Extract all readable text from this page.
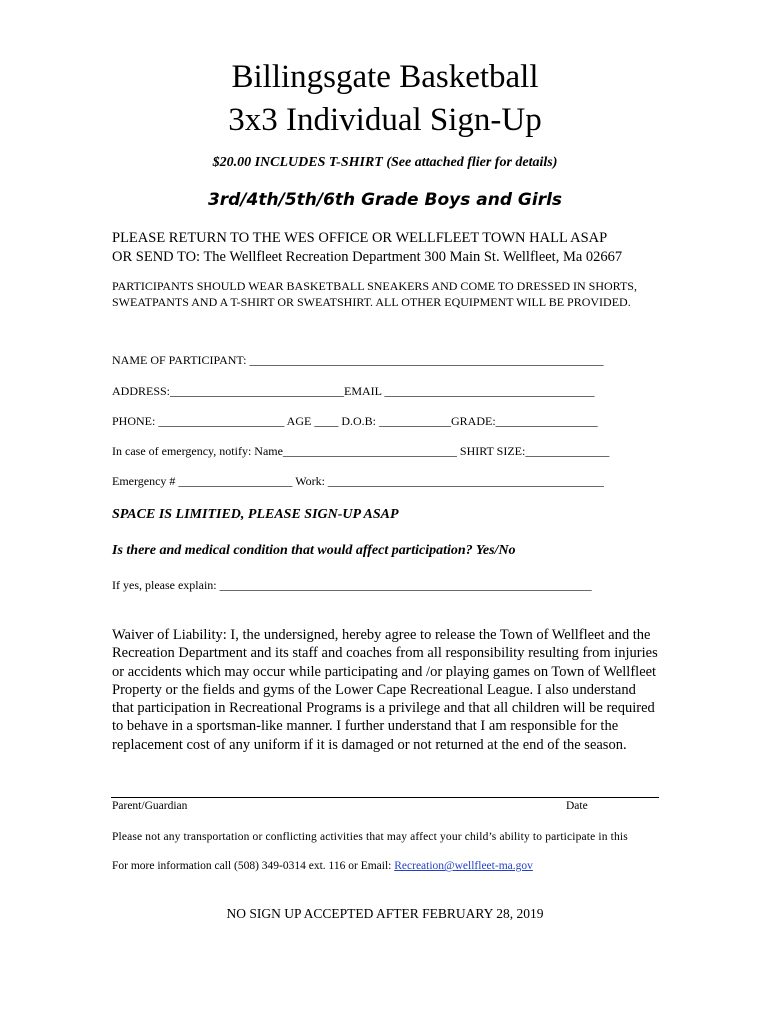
Billingsgate Basketball
3x3 Individual Sign-Up
$20.00 INCLUDES T-SHIRT (See attached flier for details)
3rd/4th/5th/6th Grade Boys and Girls
PLEASE RETURN TO THE WES OFFICE OR WELLFLEET TOWN HALL ASAP
OR SEND TO: The Wellfleet Recreation Department 300 Main St. Wellfleet, Ma 02667
PARTICIPANTS SHOULD WEAR BASKETBALL SNEAKERS AND COME TO DRESSED IN SHORTS, SWEATPANTS AND A T-SHIRT OR SWEATSHIRT. ALL OTHER EQUIPMENT WILL BE PROVIDED.
NAME OF PARTICIPANT: ___________________________________________________________
ADDRESS:_____________________________EMAIL ___________________________________
PHONE: _____________________ AGE ____ D.O.B: ____________GRADE:_________________
In case of emergency, notify: Name_____________________________ SHIRT SIZE:______________
Emergency # ___________________ Work: ______________________________________________
SPACE IS LIMITIED, PLEASE SIGN-UP ASAP
Is there and medical condition that would affect participation? Yes/No
If yes, please explain: ______________________________________________________________
Waiver of Liability: I, the undersigned, hereby agree to release the Town of Wellfleet and the Recreation Department and its staff and coaches from all responsibility resulting from injuries or accidents which may occur while participating and /or playing games on Town of Wellfleet Property or the fields and gyms of the Lower Cape Recreational League. I also understand that participation in Recreational Programs is a privilege and that all children will be required to behave in a sportsman-like manner. I further understand that I am responsible for the replacement cost of any uniform if it is damaged or not returned at the end of the season.
Parent/Guardian	Date
Please not any transportation or conflicting activities that may affect your child’s ability to participate in this
For more information call (508) 349-0314 ext. 116 or Email: Recreation@wellfleet-ma.gov
NO SIGN UP ACCEPTED AFTER FEBRUARY 28, 2019
